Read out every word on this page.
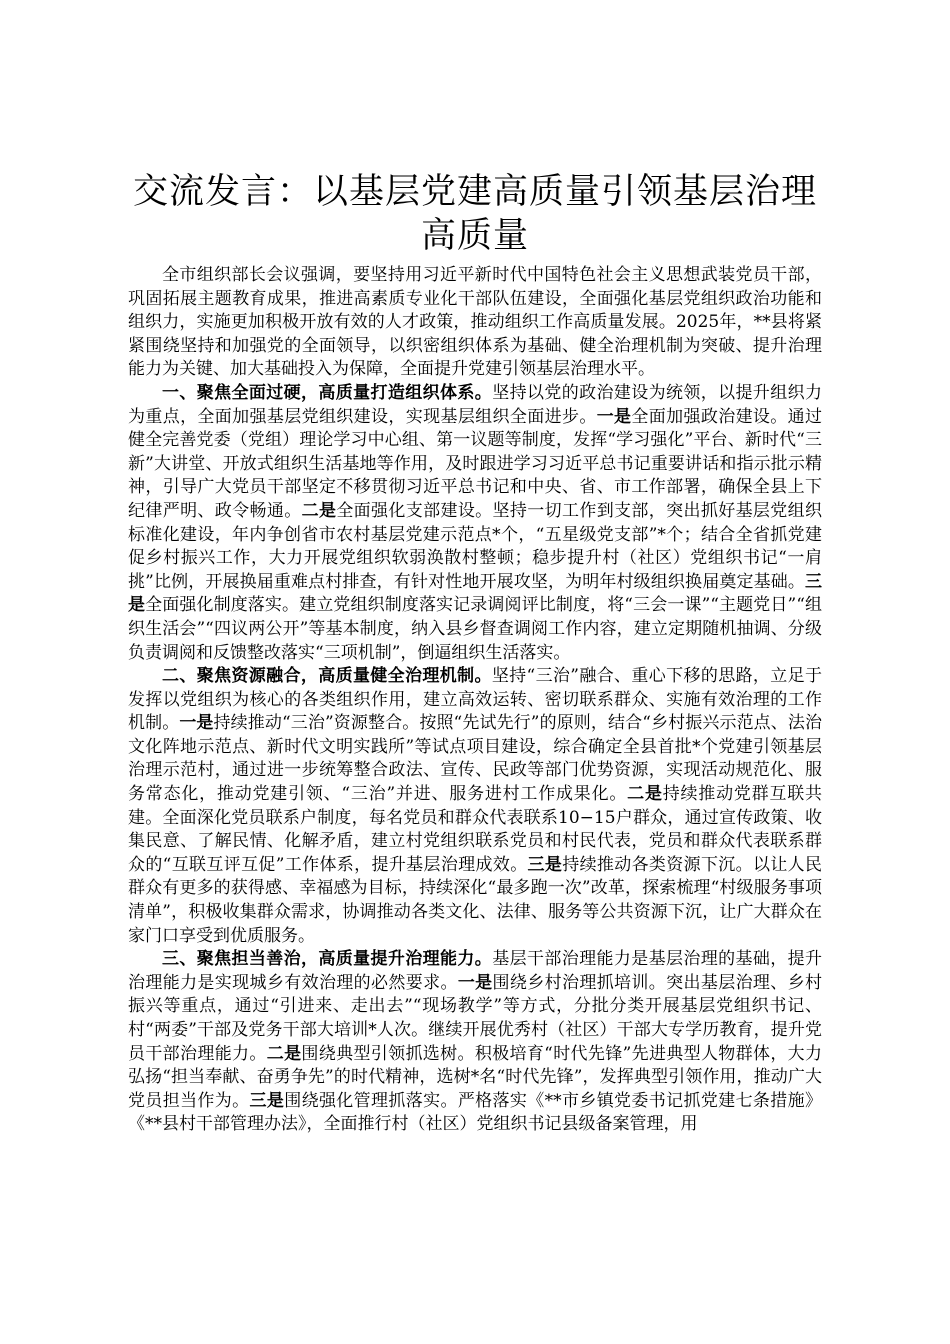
交流发言：以基层党建高质量引领基层治理高质量

全市组织部长会议强调，要坚持用习近平新时代中国特色社会主义思想武装党员干部，巩固拓展主题教育成果，推进高素质专业化干部队伍建设，全面强化基层党组织政治功能和组织力，实施更加积极开放有效的人才政策，推动组织工作高质量发展。2025年，**县将紧紧围绕坚持和加强党的全面领导，以织密组织体系为基础、健全治理机制为突破、提升治理能力为关键、加大基础投入为保障，全面提升党建引领基层治理水平。

一、聚焦全面过硬，高质量打造组织体系。坚持以党的政治建设为统领，以提升组织力为重点，全面加强基层党组织建设，实现基层组织全面进步。一是全面加强政治建设。通过健全完善党委（党组）理论学习中心组、第一议题等制度，发挥“学习强化”平台、新时代“三新”大讲堂、开放式组织生活基地等作用，及时跟进学习习近平总书记重要讲话和指示批示精神，引导广大党员干部坚定不移贯彻习近平总书记和中央、省、市工作部署，确保全县上下纪律严明、政令畅通。二是全面强化支部建设。坚持一切工作到支部，突出抓好基层党组织标准化建设，年内争创省市农村基层党建示范点*个，“五星级党支部”*个；结合全省抓党建促乡村振兴工作，大力开展党组织软弱涣散村整顿；稳步提升村（社区）党组织书记“一肩挑”比例，开展换届重难点村排查，有针对性地开展攻坚，为明年村级组织换届奠定基础。三是全面强化制度落实。建立党组织制度落实记录调阅评比制度，将“三会一课”“主题党日”“组织生活会”“四议两公开”等基本制度，纳入县乡督查调阅工作内容，建立定期随机抽调、分级负责调阅和反馈整改落实“三项机制”，倒逼组织生活落实。

二、聚焦资源融合，高质量健全治理机制。坚持“三治”融合、重心下移的思路，立足于发挥以党组织为核心的各类组织作用，建立高效运转、密切联系群众、实施有效治理的工作机制。一是持续推动“三治”资源整合。按照“先试先行”的原则，结合“乡村振兴示范点、法治文化阵地示范点、新时代文明实践所”等试点项目建设，综合确定全县首批*个党建引领基层治理示范村，通过进一步统筹整合政法、宣传、民政等部门优势资源，实现活动规范化、服务常态化，推动党建引领、“三治”并进、服务进村工作成果化。二是持续推动党群互联共建。全面深化党员联系户制度，每名党员和群众代表联系10−15户群众，通过宣传政策、收集民意、了解民情、化解矛盾，建立村党组织联系党员和村民代表，党员和群众代表联系群众的“互联互评互促”工作体系，提升基层治理成效。三是持续推动各类资源下沉。以让人民群众有更多的获得感、幸福感为目标，持续深化“最多跑一次”改革，探索梳理“村级服务事项清单”，积极收集群众需求，协调推动各类文化、法律、服务等公共资源下沉，让广大群众在家门口享受到优质服务。

三、聚焦担当善治，高质量提升治理能力。基层干部治理能力是基层治理的基础，提升治理能力是实现城乡有效治理的必然要求。一是围绕乡村治理抓培训。突出基层治理、乡村振兴等重点，通过“引进来、走出去”“现场教学”等方式，分批分类开展基层党组织书记、村“两委”干部及党务干部大培训*人次。继续开展优秀村（社区）干部大专学历教育，提升党员干部治理能力。二是围绕典型引领抓选树。积极培育“时代先锋”先进典型人物群体，大力弘扬“担当奉献、奋勇争先”的时代精神，选树*名“时代先锋”，发挥典型引领作用，推动广大党员担当作为。三是围绕强化管理抓落实。严格落实《**市乡镇党委书记抓党建七条措施》《**县村干部管理办法》，全面推行村（社区）党组织书记县级备案管理，用
